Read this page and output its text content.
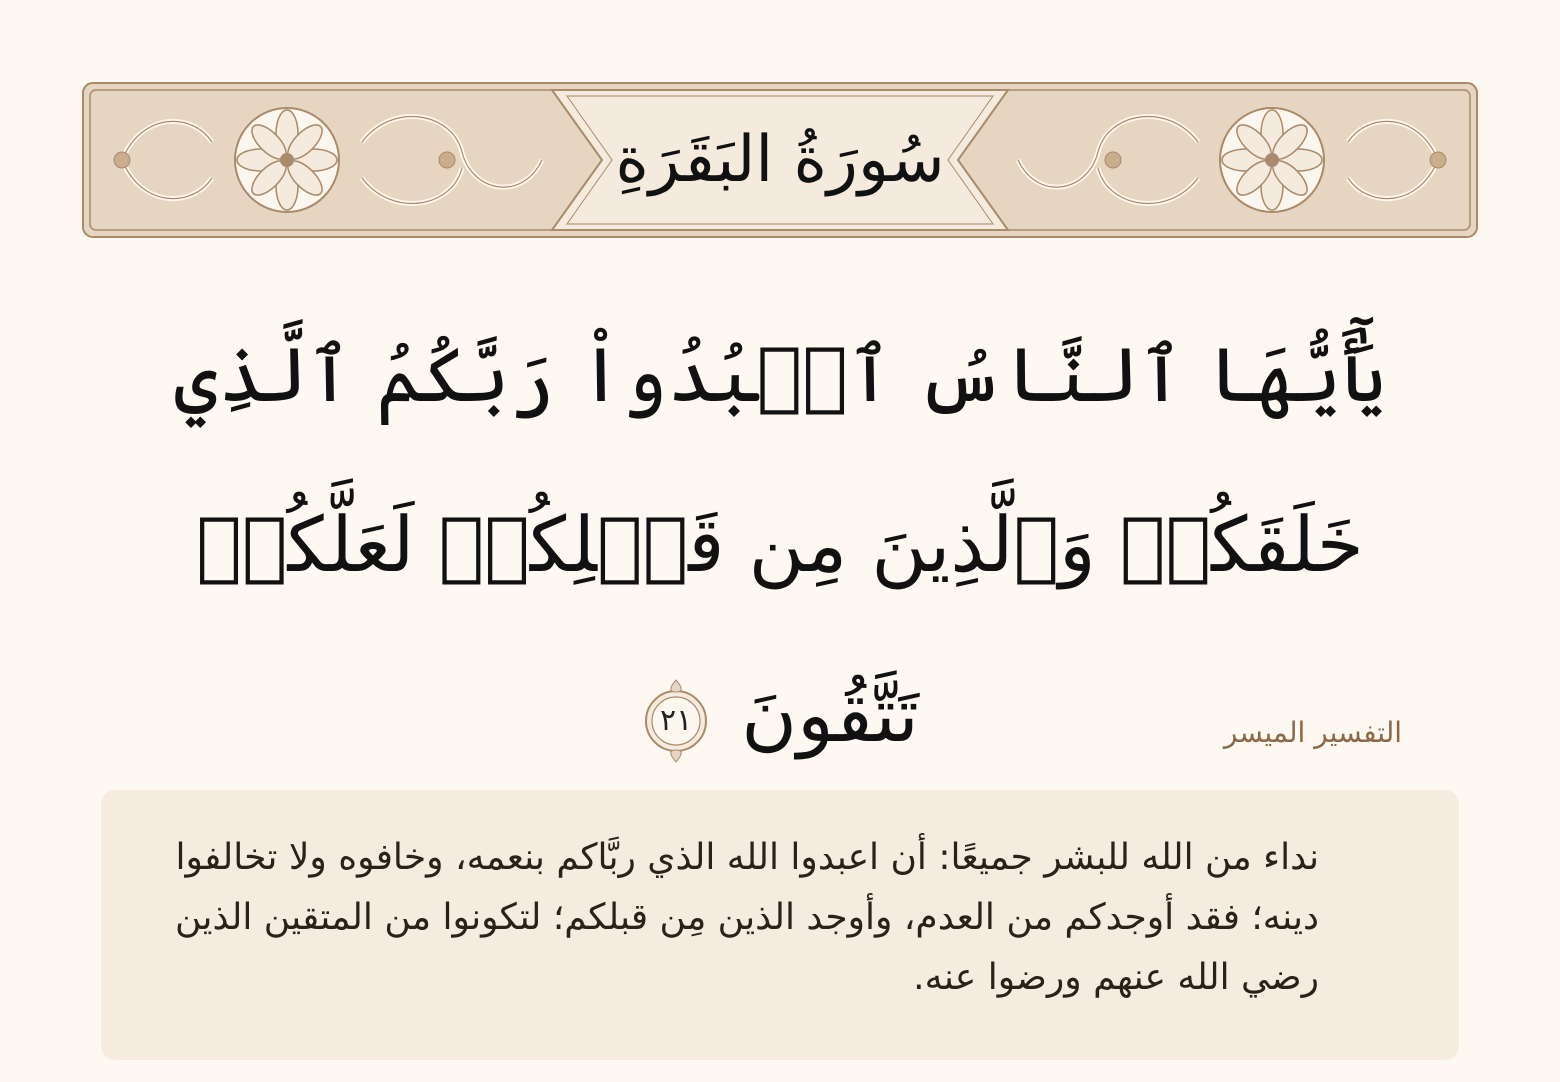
سُورَةُ البَقَرَةِ
يَٰٓأَيُّهَا ٱلنَّاسُ ٱعۡبُدُواْ رَبَّكُمُ ٱلَّذِي
خَلَقَكُمۡ وَٱلَّذِينَ مِن قَبۡلِكُمۡ لَعَلَّكُمۡ تَتَّقُونَ
٢١	التفسير الميسر
نداء من الله للبشر جميعًا: أن اعبدوا الله الذي ربَّاكم بنعمه، وخافوه ولا تخالفوا دينه؛ فقد أوجدكم من العدم، وأوجد الذين مِن قبلكم؛ لتكونوا من المتقين الذين رضي الله عنهم ورضوا عنه.
